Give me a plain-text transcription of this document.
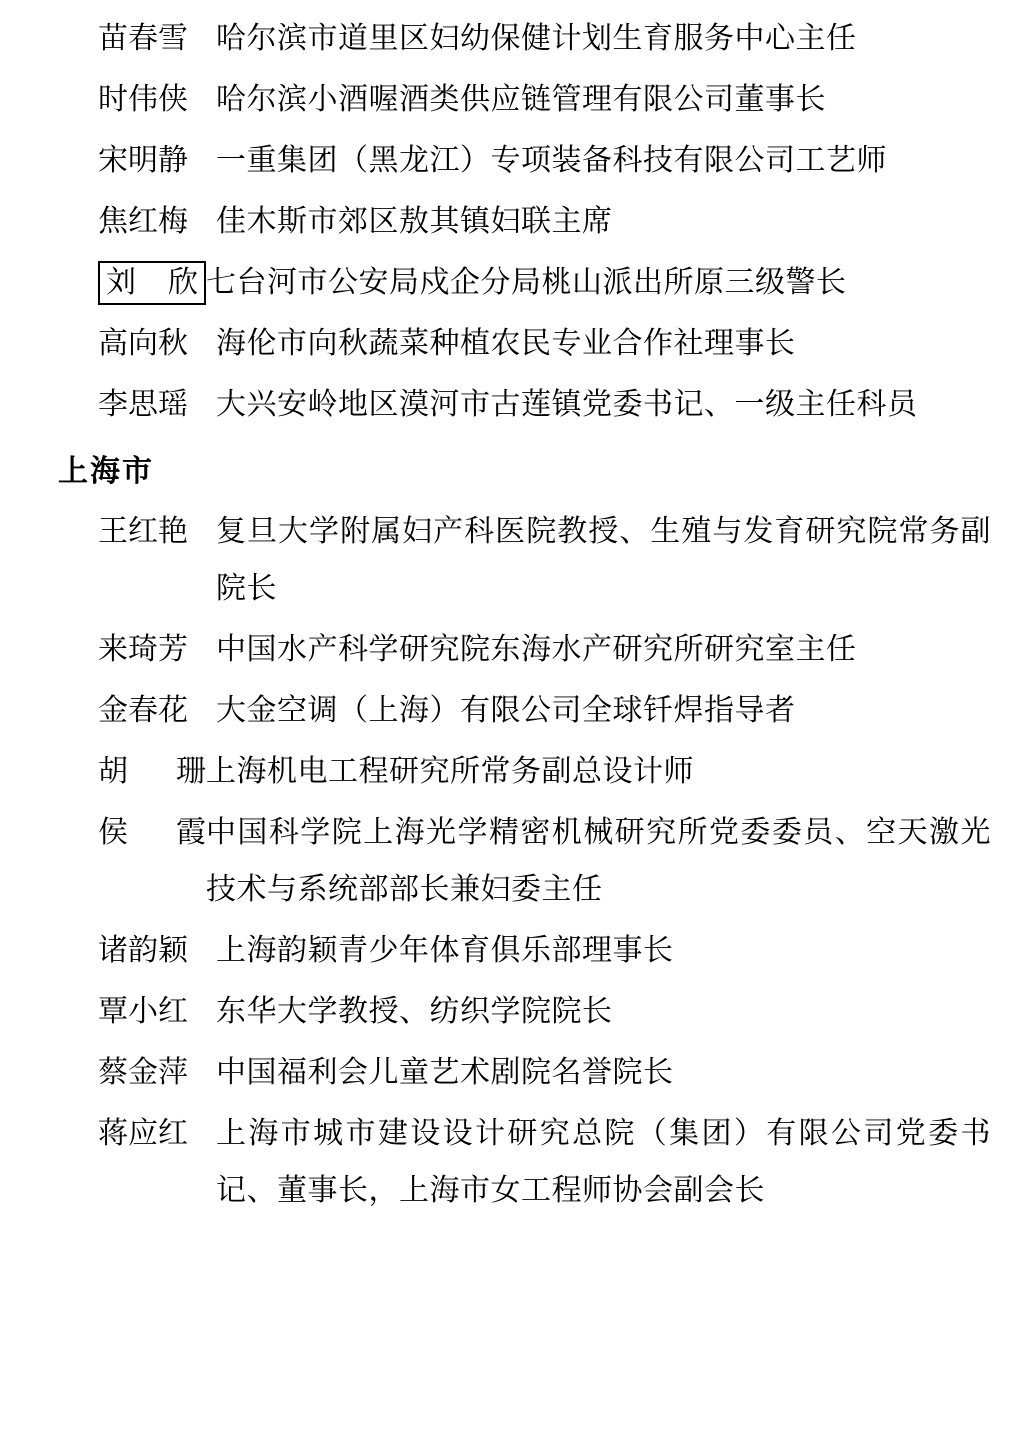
苗春雪 哈尔滨市道里区妇幼保健计划生育服务中心主任
时伟侠 哈尔滨小酒喔酒类供应链管理有限公司董事长
宋明静 一重集团（黑龙江）专项装备科技有限公司工艺师
焦红梅 佳木斯市郊区敖其镇妇联主席
刘欣 七台河市公安局戍企分局桃山派出所原三级警长
高向秋 海伦市向秋蔬菜种植农民专业合作社理事长
李思瑶 大兴安岭地区漠河市古莲镇党委书记、一级主任科员
上海市
王红艳 复旦大学附属妇产科医院教授、生殖与发育研究院常务副院长
来琦芳 中国水产科学研究院东海水产研究所研究室主任
金春花 大金空调（上海）有限公司全球钎焊指导者
胡珊 上海机电工程研究所常务副总设计师
侯霞 中国科学院上海光学精密机械研究所党委委员、空天激光技术与系统部部长兼妇委主任
诸韵颖 上海韵颖青少年体育俱乐部理事长
覃小红 东华大学教授、纺织学院院长
蔡金萍 中国福利会儿童艺术剧院名誉院长
蒋应红 上海市城市建设设计研究总院（集团）有限公司党委书记、董事长，上海市女工程师协会副会长
